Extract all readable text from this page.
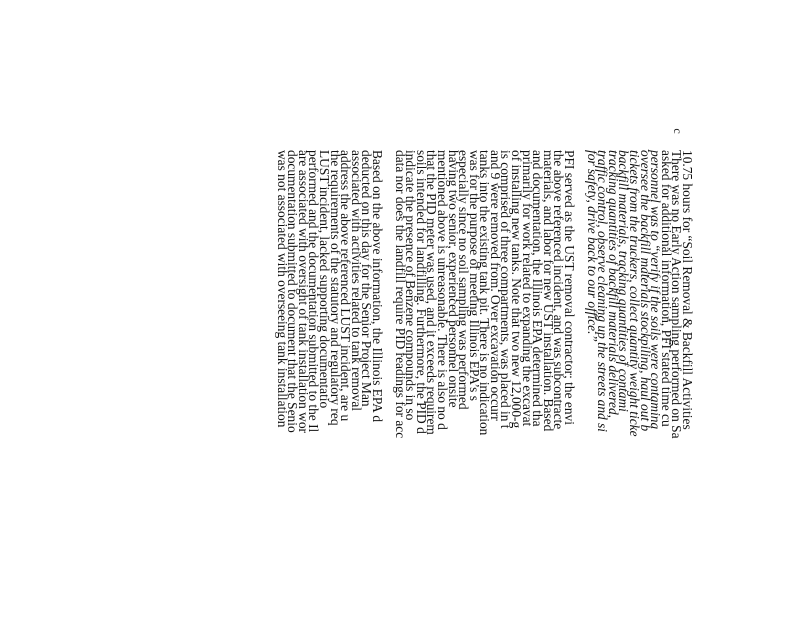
c
10.75 hours for “Soil Removal & Backfill Activities
There was no Early Action sampling performed on Sa
asked for additional information, PFI stated time cu
personnel was to “verify if the soils were contamina
oversee the backfill materials stockpiling, haul out b
tickets from the truckers, collect quantity weight ticke
backfill materials, tracking quantities of contami
tracking quantities of backfill materials delivered,
traffic control, observe cleaning up the streets and si
for safety, drive back to our office.”
PFI served as the UST removal contractor; the envi
the above referenced incident, and was subcontracte
materials, and labor for new UST installation. Based
and documentation, the Illinois EPA determined tha
primarily for work related to expanding the excavat
of installing new tanks. Note that two new 12,000-g
is comprised of three compartments, was placed in t
and 9 were removed from. Over excavation occurr
tanks into the existing tank pit. There is no indication
was for the purpose of meeting Illinois EPA’s s
especially since no soil sampling was performed
having two senior, experienced personnel onsite
mentioned above is unreasonable. There is also no d
that the PID meter was used, and it exceeds requirem
soils intended for landfilling. Furthermore, the PID d
indicate the presence of Benzene compounds in so
data nor does the landfill require PID readings for acc
Based on the above information, the Illinois EPA d
deducted on this day for the Senior Project Man
associated with activities related to tank removal
address the above referenced LUST incident, are u
the requirements of the statutory and regulatory req
LUST incident, lacked supporting documentatio
performed and the documentation submitted to the Il
are associated with oversight of tank installation wor
documentation submitted to document that the Senio
was not associated with overseeing tank installation
